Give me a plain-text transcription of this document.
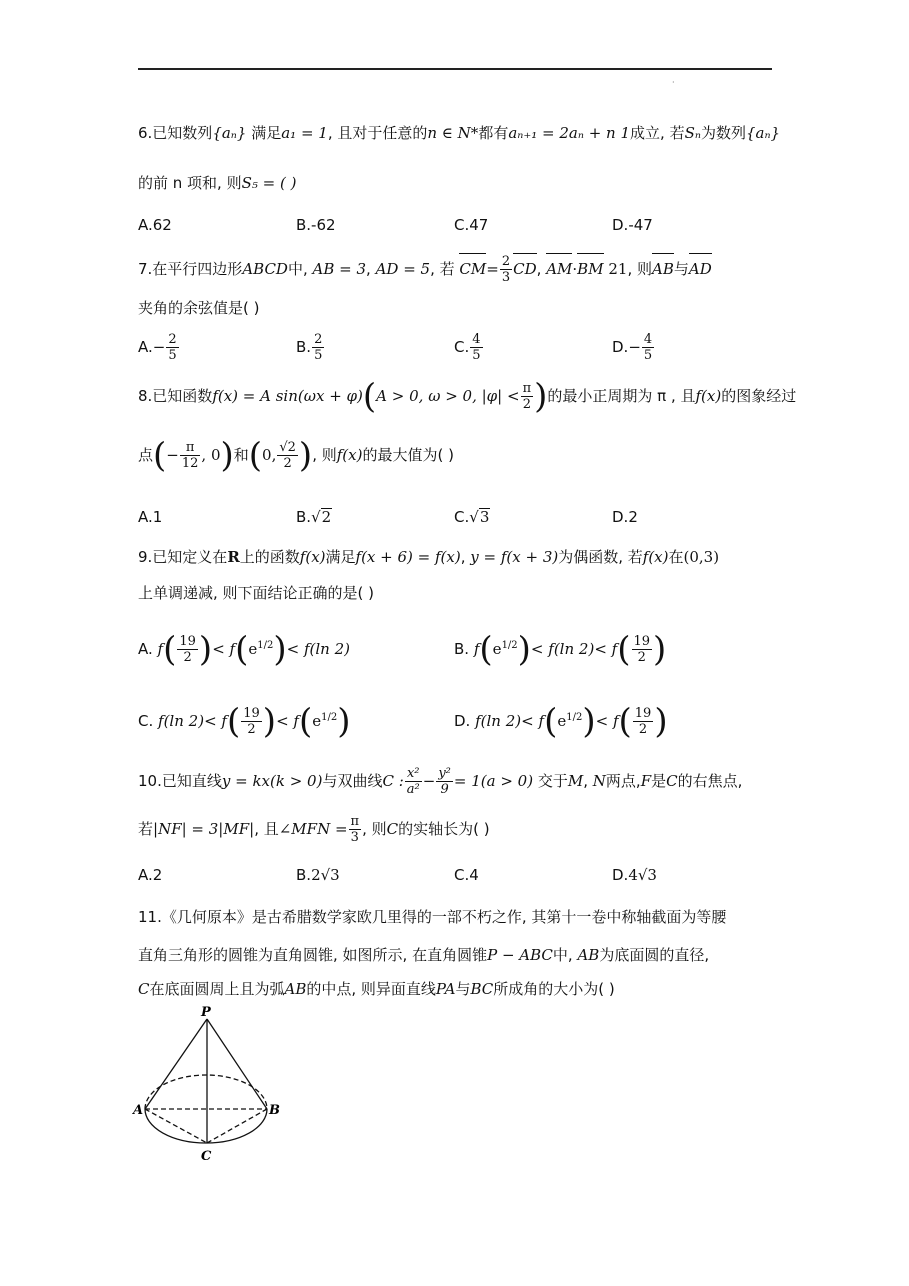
·
6.已知数列{aₙ} 满足a₁ = 1, 且对于任意的n ∈ N*都有aₙ₊₁ = 2aₙ + n 1成立, 若Sₙ为数列{aₙ}
的前 n 项和, 则S₅ = ( )
A.62	B.-62	C.47	D.-47
7.在平行四边形ABCD中, AB = 3, AD = 5, 若 $CM= \frac{2}{3}$ CD, AM·BM 21, 则AB与AD
夹角的余弦值是( )
$A.- \frac{2}{5}$	B. $\frac{2}{5}$	C. $\frac{4}{5}$	$D.- \frac{4}{5}$
8.已知函数f(x) = A sin(ωx + φ)(A > 0, ω > 0, $|\varphi| < \frac{\pi}{2}$ )的最小正周期为 π , 且f(x)的图象经过
点(− $\frac{\pi}{12}$ , 0)和(0, $\frac{√2}{2}$ ), 则f(x)的最大值为( )
A.1	B.√2	C.√3	D.2
9.已知定义在R上的函数f(x)满足f(x + 6) = f(x), y = f(x + 3)为偶函数, 若f(x)在(0,3)
上单调递减, 则下面结论正确的是( )
A. $f( \frac{19}{2}$ )< $f(e^{1/2})< f(\ln$ 2)	B. $f(e^{1/2})< f(\ln$ $2)< f( \frac{19}{2}$ )
C. f(ln $2)< f( \frac{19}{2}$ )< $f(e^{1/2})$	D. f(ln $2)< f(e^{1/2})< f( \frac{19}{2}$ )
10.已知直线y = kx(k > 0)与双曲线C : $\frac{\text{x²}}{\text{a²}} - \frac{\text{y²}}{9} = 1(a > 0)$ 交于M, N两点,F是C的右焦点,
若|NF| = 3|MF|, 且∠MFN = $\frac{\pi}{3}$ , 则C的实轴长为( )
A.2	B.2√3	C.4	D.4√3
11.《几何原本》是古希腊数学家欧几里得的一部不朽之作, 其第十一卷中称轴截面为等腰
直角三角形的圆锥为直角圆锥, 如图所示, 在直角圆锥P − ABC中, AB为底面圆的直径,
C在底面圆周上且为弧AB的中点, 则异面直线PA与BC所成角的大小为( )
P
A	B
C
